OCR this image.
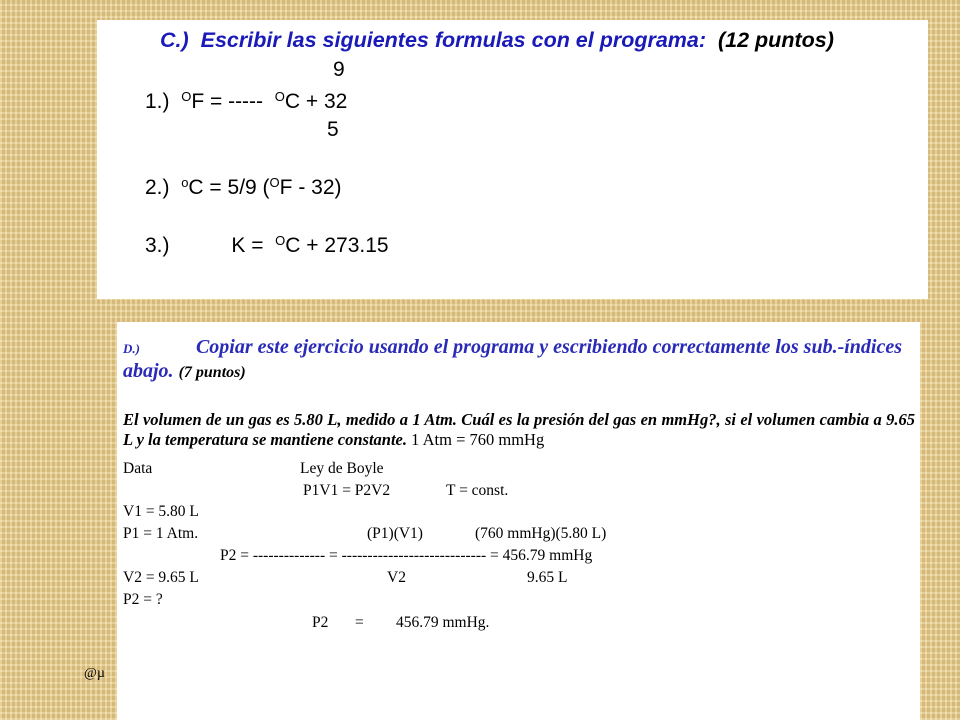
C.) Escribir las siguientes formulas con el programa: (12 puntos)

9
1.) $^O$F = ----- $^O$C + 32
5
2.) $^o$C = 5/9 ($^O$F - 32)
3.)	K = $^O$C + 273.15

D.)	Copiar este ejercicio usando el programa y escribiendo correctamente los sub.-índices abajo. (7 puntos)

El volumen de un gas es 5.80 L, medido a 1 Atm. Cuál es la presión del gas en mmHg?, si el volumen cambia a 9.65 L y la temperatura se mantiene constante. 1 Atm = 760 mmHg

Data	Ley de Boyle
P1V1 = P2V2	T = const.
V1 = 5.80 L
P1 = 1 Atm.	(P1)(V1)	(760 mmHg)(5.80 L)
P2 = -------------- = ---------------------------- = 456.79 mmHg
V2 = 9.65 L	V2	9.65 L
P2 = ?
P2 = 456.79 mmHg.
@µ
